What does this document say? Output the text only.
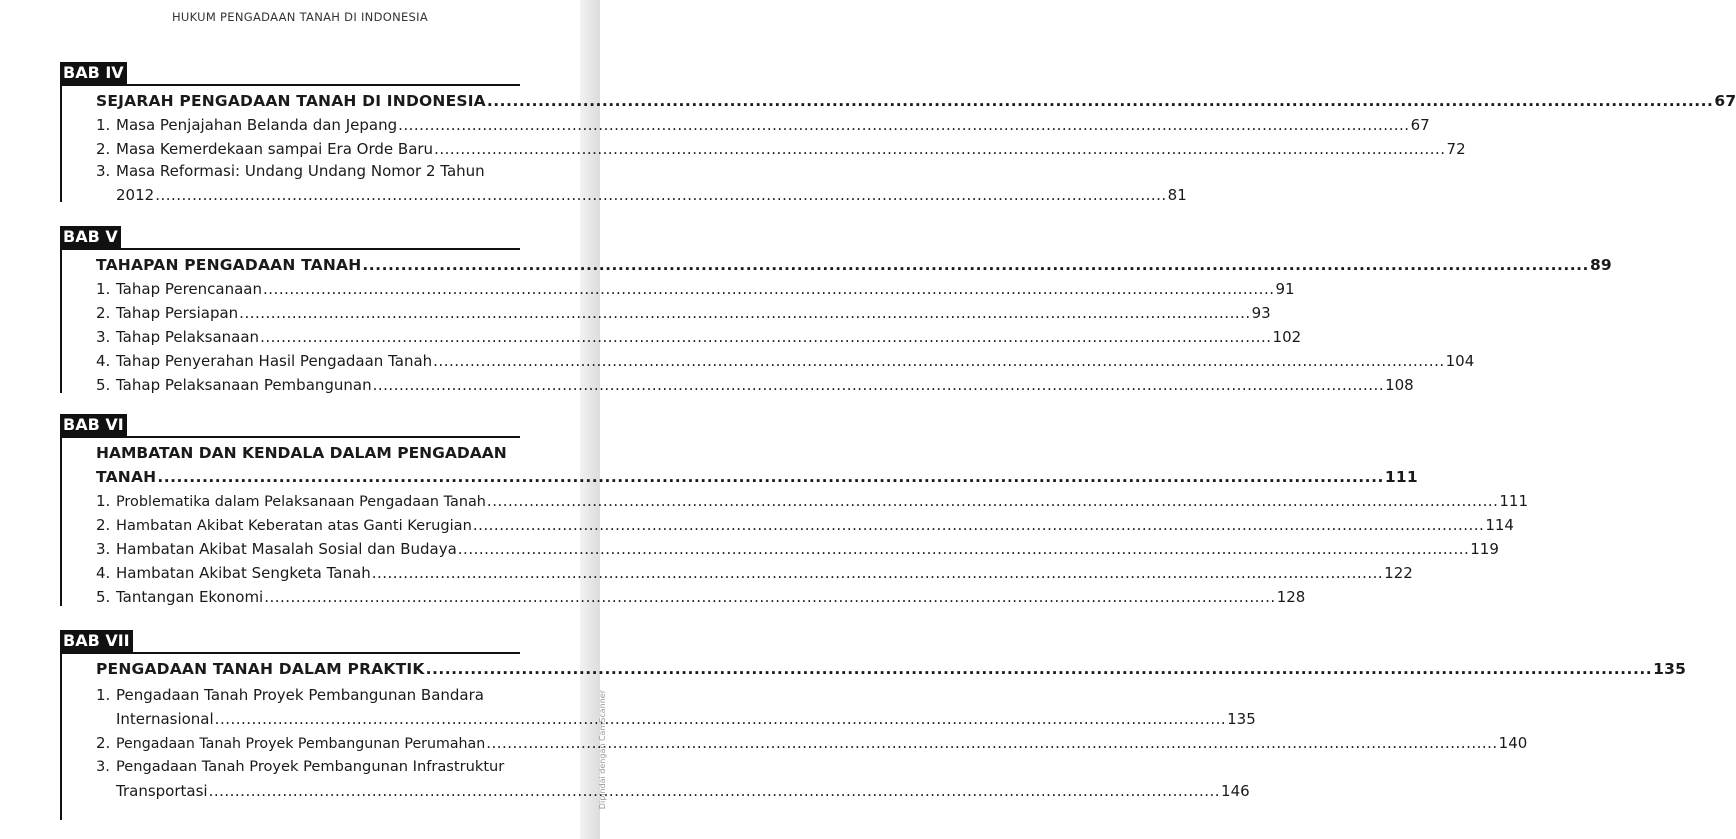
HUKUM PENGADAAN TANAH DI INDONESIA
BAB IV
SEJARAH PENGADAAN TANAH DI INDONESIA .....	67
1. Masa Penjajahan Belanda dan Jepang .....	67
2. Masa Kemerdekaan sampai Era Orde Baru .....	72
3. Masa Reformasi: Undang Undang Nomor 2 Tahun
2012 .....	81
BAB V
TAHAPAN PENGADAAN TANAH .....	89
1. Tahap Perencanaan .....	91
2. Tahap Persiapan .....	93
3. Tahap Pelaksanaan .....	102
4. Tahap Penyerahan Hasil Pengadaan Tanah .....	104
5. Tahap Pelaksanaan Pembangunan .....	108
BAB VI
HAMBATAN DAN KENDALA DALAM PENGADAAN
TANAH .....	111
1. Problematika dalam Pelaksanaan Pengadaan Tanah .....	111
2. Hambatan Akibat Keberatan atas Ganti Kerugian .....	114
3. Hambatan Akibat Masalah Sosial dan Budaya .....	119
4. Hambatan Akibat Sengketa Tanah .....	122
5. Tantangan Ekonomi .....	128
BAB VII
PENGADAAN TANAH DALAM PRAKTIK .....	135
1. Pengadaan Tanah Proyek Pembangunan Bandara
Internasional .....	135
2. Pengadaan Tanah Proyek Pembangunan Perumahan .....	140
3. Pengadaan Tanah Proyek Pembangunan Infrastruktur
Transportasi .....	146
Dipindai dengan CamScanner
